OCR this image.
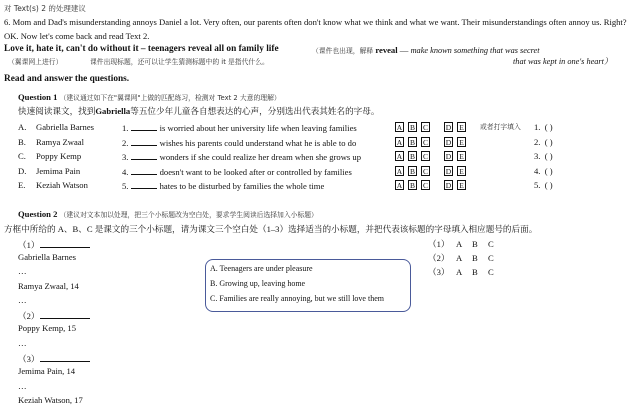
对 Text(s) 2 的处理建议
6. Mom and Dad's misunderstanding annoys Daniel a lot. Very often, our parents often don't know what we think and what we want. Their misunderstandings often annoy us. Right?
OK. Now let's come back and read Text 2.
Love it, hate it, can't do without it – teenagers reveal all on family life	（课件也出现，解释 reveal — make known something that was secret
（翼课网上进行）	课件出现标题，还可以让学生猜测标题中的 it 是指代什么。	that was kept in one's heart）
Read and answer the questions.
Question 1 （建议通过如下在"翼课网"上做的匹配练习，检测对 Text 2 大意的理解）
快速阅读课文，找到Gabriella等五位少年儿童各自想表达的心声，分别选出代表其姓名的字母。
或者打字填入
A. Gabriella Barnes	1.	is worried about her university life when leaving families	A B C D E	1. ( )
B. Ramya Zwaal	2.	wishes his parents could understand what he is able to do	A B C D E	2. ( )
C. Poppy Kemp	3.	wonders if she could realize her dream when she grows up	A B C D E	3. ( )
D. Jemima Pain	4.	doesn't want to be looked after or controlled by families	A B C D E	4. ( )
E. Keziah Watson	5.	hates to be disturbed by families the whole time	A B C D E	5. ( )
Question 2 （建议对文本加以处理，把三个小标题改为空白处，要求学生阅读后选择加入小标题）
方框中所给的 A、B、C 是课文的三个小标题，请为课文三个空白处（1–3）选择适当的小标题，并把代表该标题的字母填入相应题号的后面。
（1）
Gabriella Barnes
…
Ramya Zwaal, 14
…
（2）
Poppy Kemp, 15
…
（3）
Jemima Pain, 14
…
Keziah Watson, 17
A. Teenagers are under pleasure
B. Growing up, leaving home
C. Families are really annoying, but we still love them
（1） A B C
（2） A B C
（3） A B C
